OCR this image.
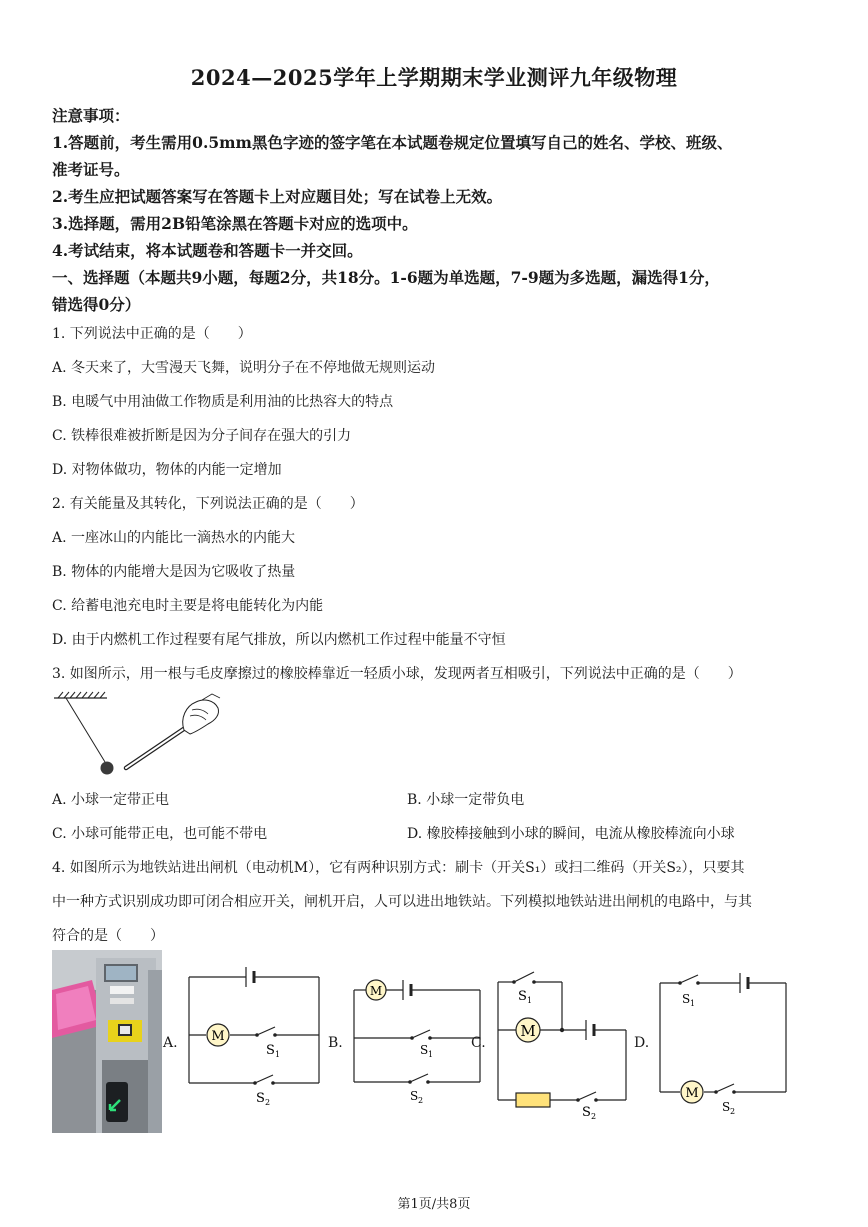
2024—2025学年上学期期末学业测评九年级物理
注意事项：
1.答题前，考生需用0.5mm黑色字迹的签字笔在本试题卷规定位置填写自己的姓名、学校、班级、
准考证号。
2.考生应把试题答案写在答题卡上对应题目处；写在试卷上无效。
3.选择题，需用2B铅笔涂黑在答题卡对应的选项中。
4.考试结束，将本试题卷和答题卡一并交回。
一、选择题（本题共9小题，每题2分，共18分。1-6题为单选题，7-9题为多选题，漏选得1分，
错选得0分）
1. 下列说法中正确的是（　　）
A. 冬天来了，大雪漫天飞舞，说明分子在不停地做无规则运动
B. 电暖气中用油做工作物质是利用油的比热容大的特点
C. 铁棒很难被折断是因为分子间存在强大的引力
D. 对物体做功，物体的内能一定增加
2. 有关能量及其转化，下列说法正确的是（　　）
A. 一座冰山的内能比一滴热水的内能大
B. 物体的内能增大是因为它吸收了热量
C. 给蓄电池充电时主要是将电能转化为内能
D. 由于内燃机工作过程要有尾气排放，所以内燃机工作过程中能量不守恒
3. 如图所示，用一根与毛皮摩擦过的橡胶棒靠近一轻质小球，发现两者互相吸引，下列说法中正确的是（　　）
A. 小球一定带正电	B. 小球一定带负电
C. 小球可能带正电，也可能不带电	D. 橡胶棒接触到小球的瞬间，电流从橡胶棒流向小球
4. 如图所示为地铁站进出闸机（电动机M），它有两种识别方式：刷卡（开关S₁）或扫二维码（开关S₂），只要其
中一种方式识别成功即可闭合相应开关，闸机开启，人可以进出地铁站。下列模拟地铁站进出闸机的电路中，与其
符合的是（　　）
A.	M
S 1
S 2
B.
M
S 1
S 2
C.
M
S 1
S 2
D.
M
S 1
S 2
第1页/共8页
